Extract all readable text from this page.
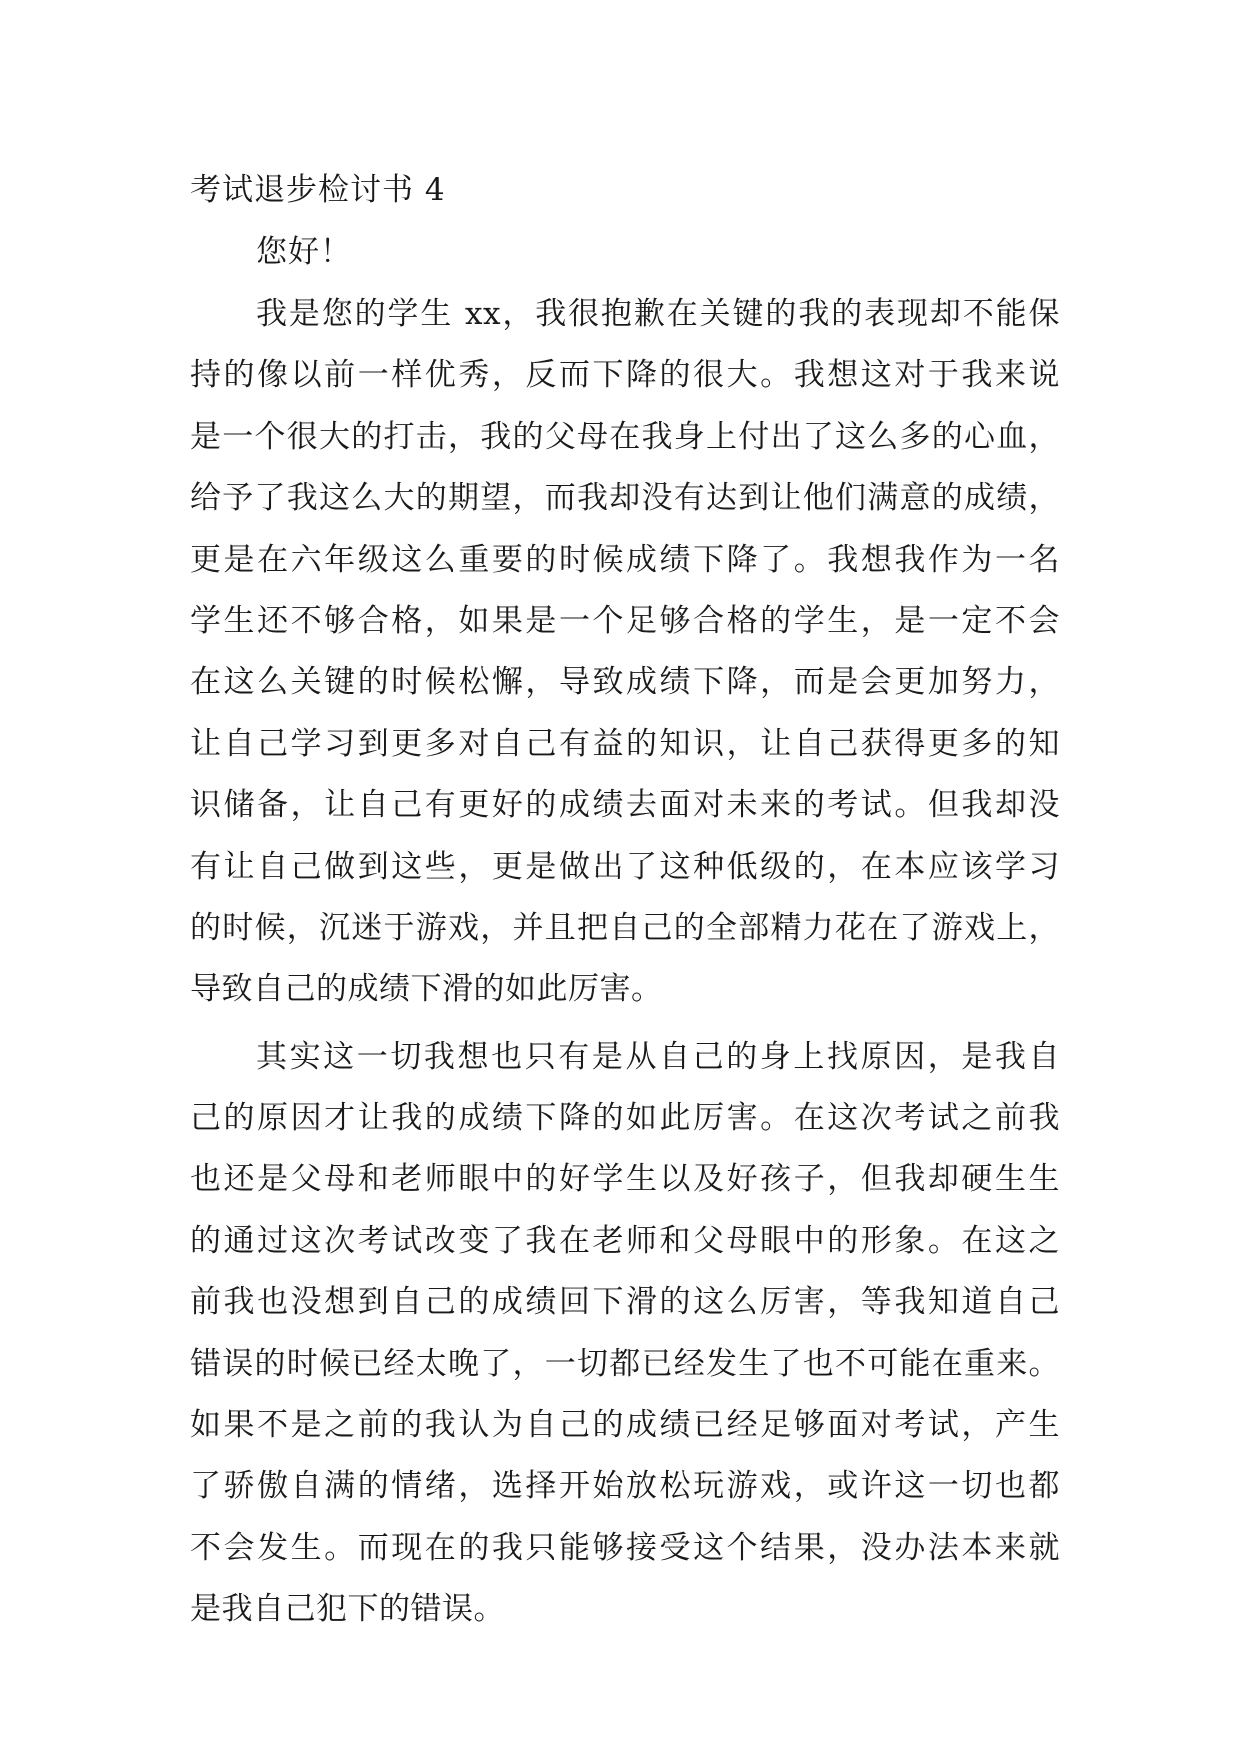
考试退步检讨书 4
您好！
我是您的学生 xx，我很抱歉在关键的我的表现却不能保
持的像以前一样优秀，反而下降的很大。我想这对于我来说
是一个很大的打击，我的父母在我身上付出了这么多的心血，
给予了我这么大的期望，而我却没有达到让他们满意的成绩，
更是在六年级这么重要的时候成绩下降了。我想我作为一名
学生还不够合格，如果是一个足够合格的学生，是一定不会
在这么关键的时候松懈，导致成绩下降，而是会更加努力，
让自己学习到更多对自己有益的知识，让自己获得更多的知
识储备，让自己有更好的成绩去面对未来的考试。但我却没
有让自己做到这些，更是做出了这种低级的，在本应该学习
的时候，沉迷于游戏，并且把自己的全部精力花在了游戏上，
导致自己的成绩下滑的如此厉害。
其实这一切我想也只有是从自己的身上找原因，是我自
己的原因才让我的成绩下降的如此厉害。在这次考试之前我
也还是父母和老师眼中的好学生以及好孩子，但我却硬生生
的通过这次考试改变了我在老师和父母眼中的形象。在这之
前我也没想到自己的成绩回下滑的这么厉害，等我知道自己
错误的时候已经太晚了，一切都已经发生了也不可能在重来。
如果不是之前的我认为自己的成绩已经足够面对考试，产生
了骄傲自满的情绪，选择开始放松玩游戏，或许这一切也都
不会发生。而现在的我只能够接受这个结果，没办法本来就
是我自己犯下的错误。
